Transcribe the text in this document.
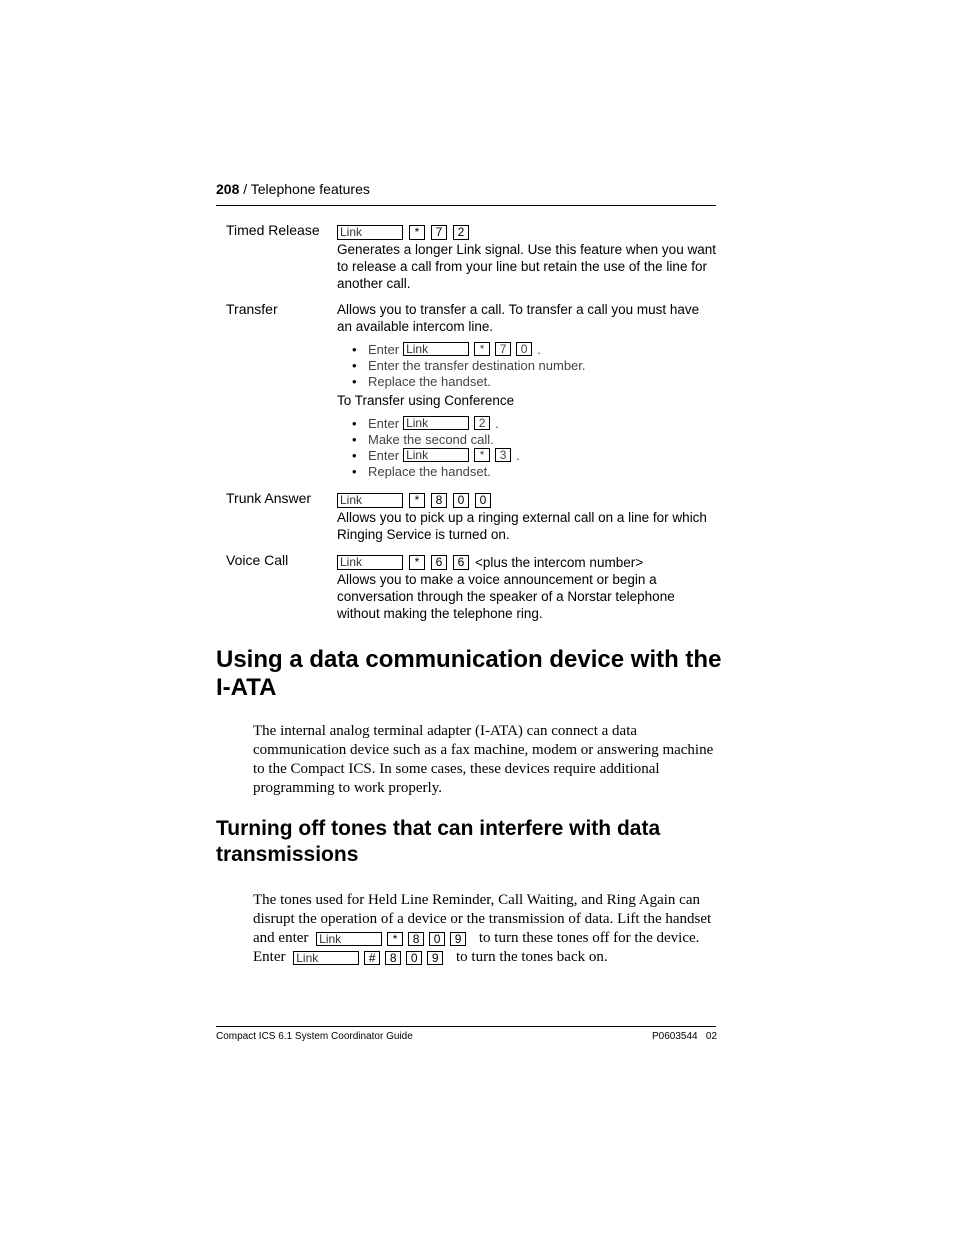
208 / Telephone features
Timed Release Link	*	7	2
Generates a longer Link signal. Use this feature when you want to release a call from your line but retain the use of the line for another call.
Transfer	Allows you to transfer a call. To transfer a call you must have an available intercom line.
• Enter Link	*	7	0 .
• Enter the transfer destination number.
• Replace the handset.
To Transfer using Conference
• Enter Link	2 .
• Make the second call.
• Enter Link	*	3 .
• Replace the handset.
Trunk Answer Link	*	8	0	0
Allows you to pick up a ringing external call on a line for which Ringing Service is turned on.
Voice Call	Link	*	6	6 <plus the intercom number>
Allows you to make a voice announcement or begin a conversation through the speaker of a Norstar telephone without making the telephone ring.
Using a data communication device with the I-ATA
The internal analog terminal adapter (I-ATA) can connect a data communication device such as a fax machine, modem or answering machine to the Compact ICS. In some cases, these devices require additional programming to work properly.
Turning off tones that can interfere with data transmissions
The tones used for Held Line Reminder, Call Waiting, and Ring Again can disrupt the operation of a device or the transmission of data. Lift the handset and enter Link	*	8	0	9	to turn these tones off for the device. Enter Link	#	8	0	9	to turn the tones back on.
Compact ICS 6.1 System Coordinator Guide	P0603544   02
